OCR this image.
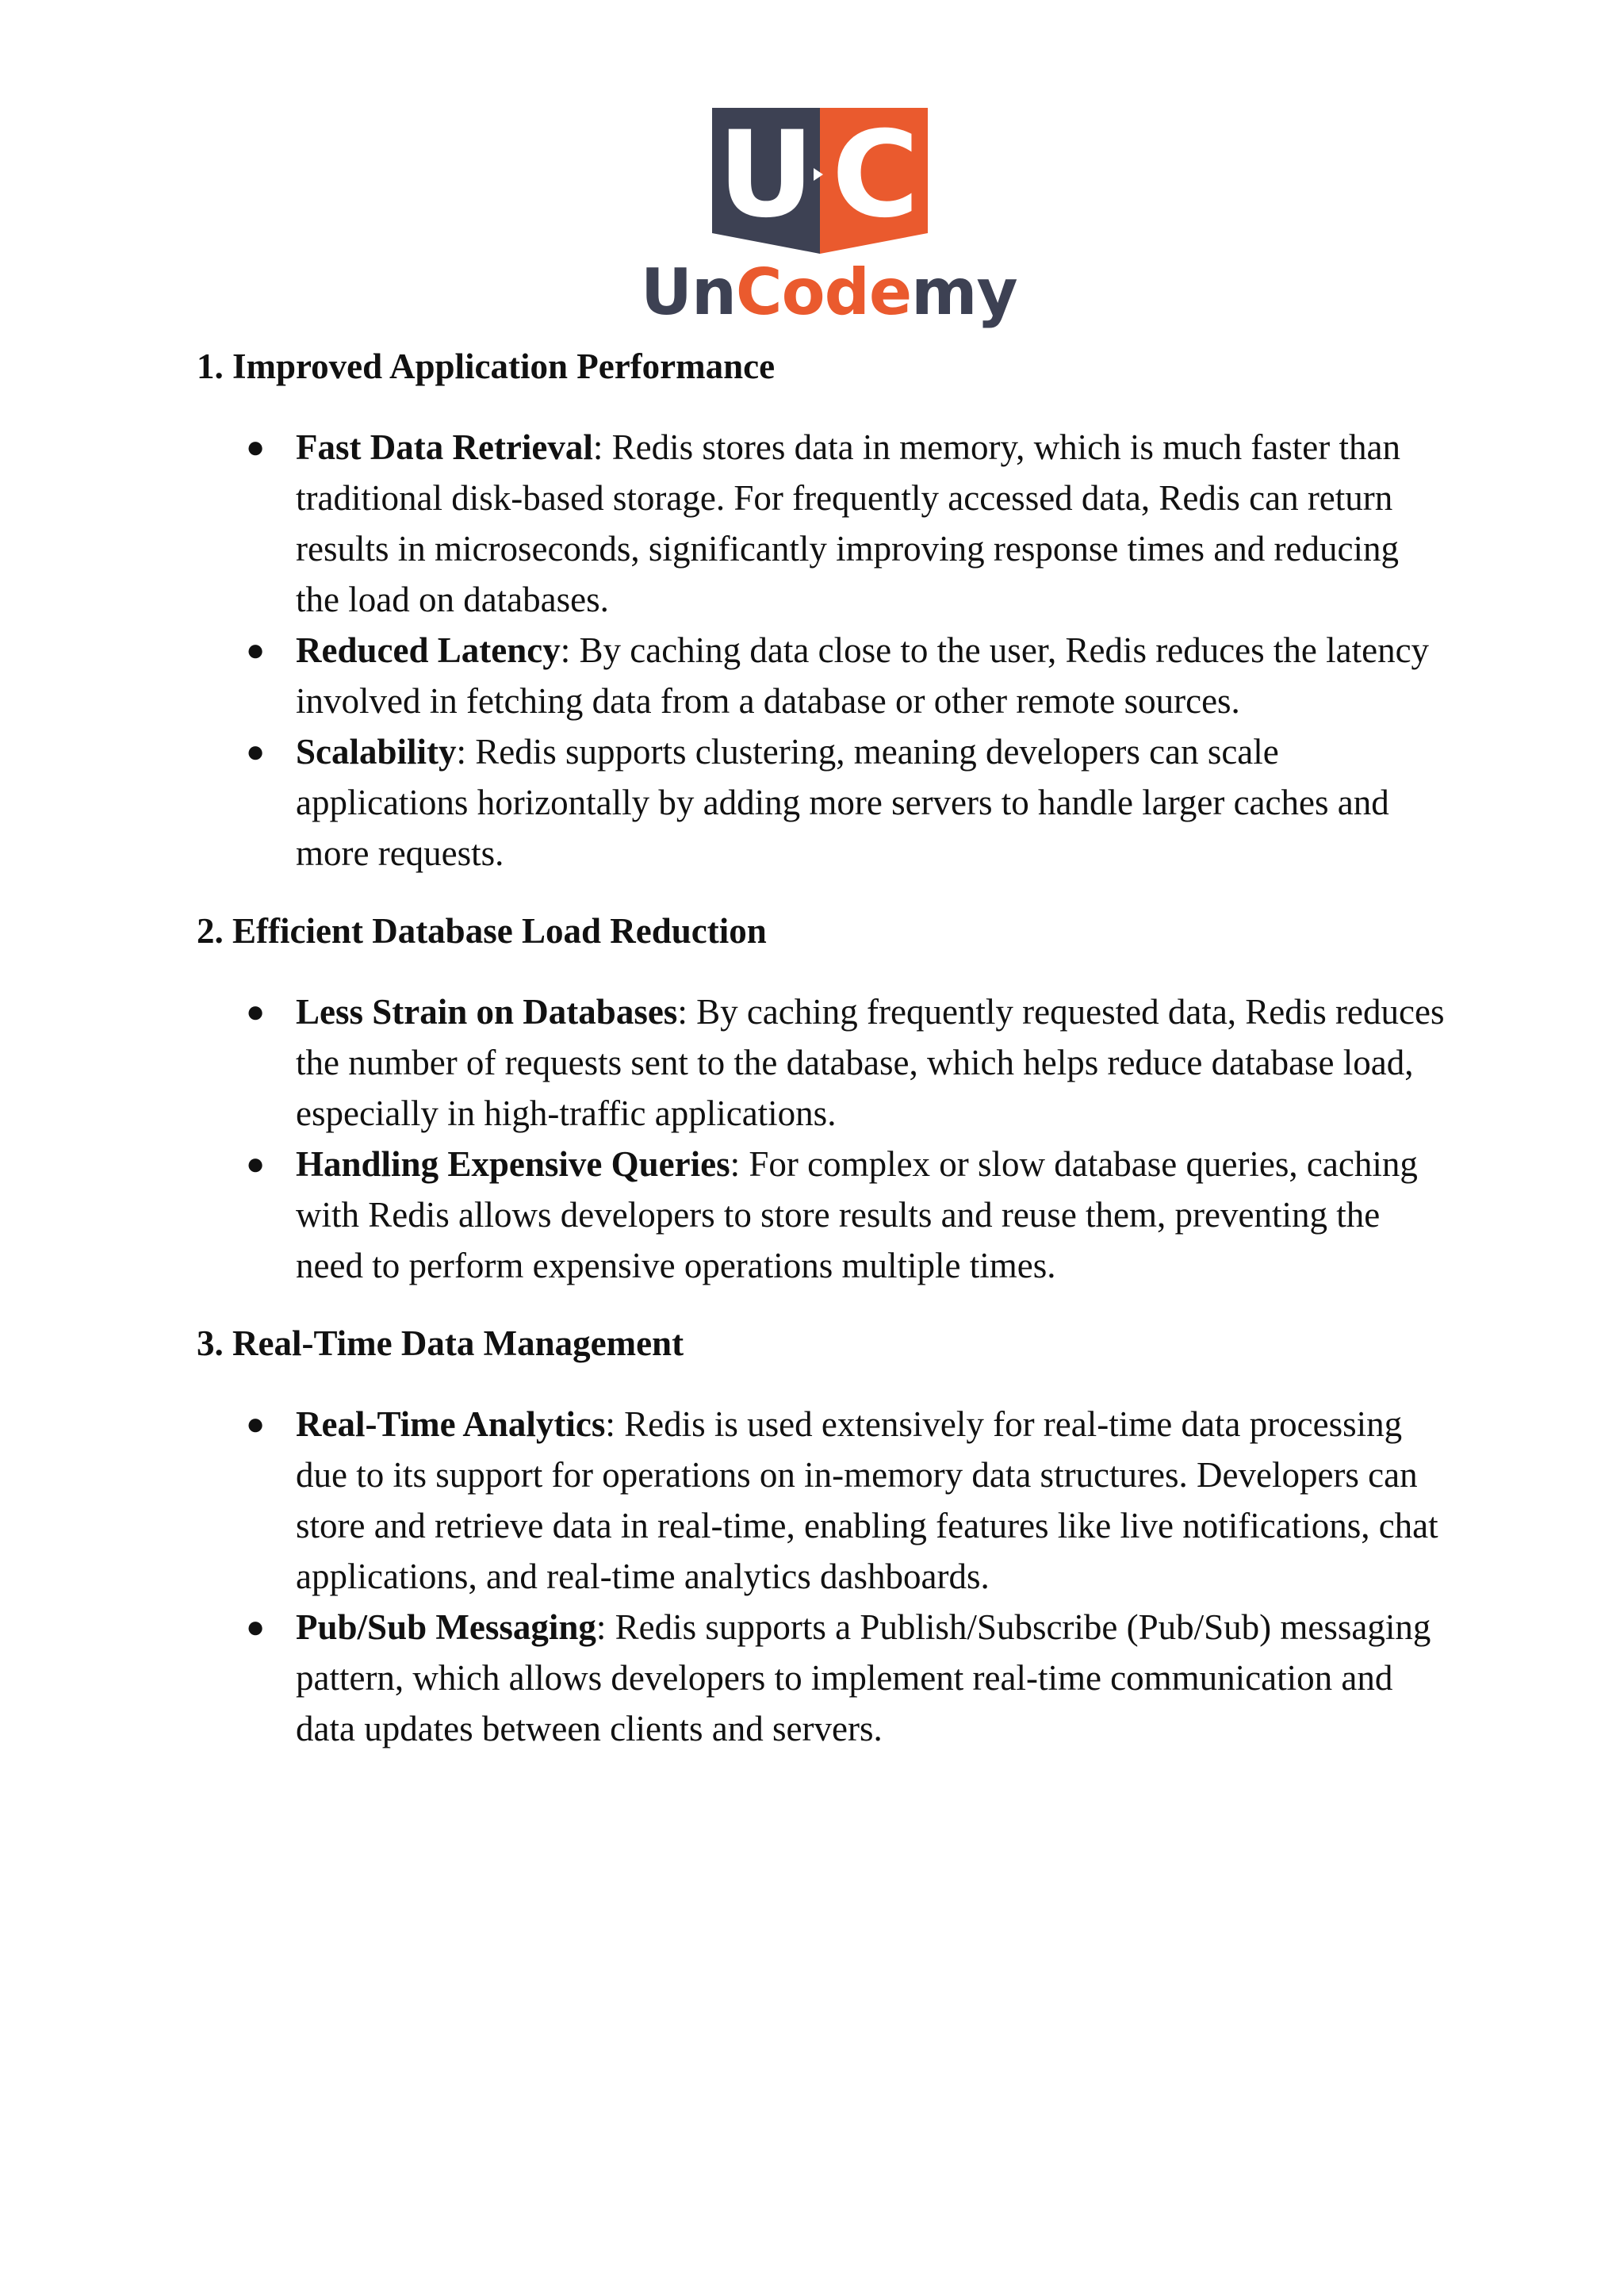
U C
UnCodemy
1. Improved Application Performance
● Fast Data Retrieval: Redis stores data in memory, which is much faster than traditional disk-based storage. For frequently accessed data, Redis can return results in microseconds, significantly improving response times and reducing the load on databases.
● Reduced Latency: By caching data close to the user, Redis reduces the latency involved in fetching data from a database or other remote sources.
● Scalability: Redis supports clustering, meaning developers can scale applications horizontally by adding more servers to handle larger caches and more requests.
2. Efficient Database Load Reduction
● Less Strain on Databases: By caching frequently requested data, Redis reduces the number of requests sent to the database, which helps reduce database load, especially in high-traffic applications.
● Handling Expensive Queries: For complex or slow database queries, caching with Redis allows developers to store results and reuse them, preventing the need to perform expensive operations multiple times.
3. Real-Time Data Management
● Real-Time Analytics: Redis is used extensively for real-time data processing due to its support for operations on in-memory data structures. Developers can store and retrieve data in real-time, enabling features like live notifications, chat applications, and real-time analytics dashboards.
● Pub/Sub Messaging: Redis supports a Publish/Subscribe (Pub/Sub) messaging pattern, which allows developers to implement real-time communication and data updates between clients and servers.
